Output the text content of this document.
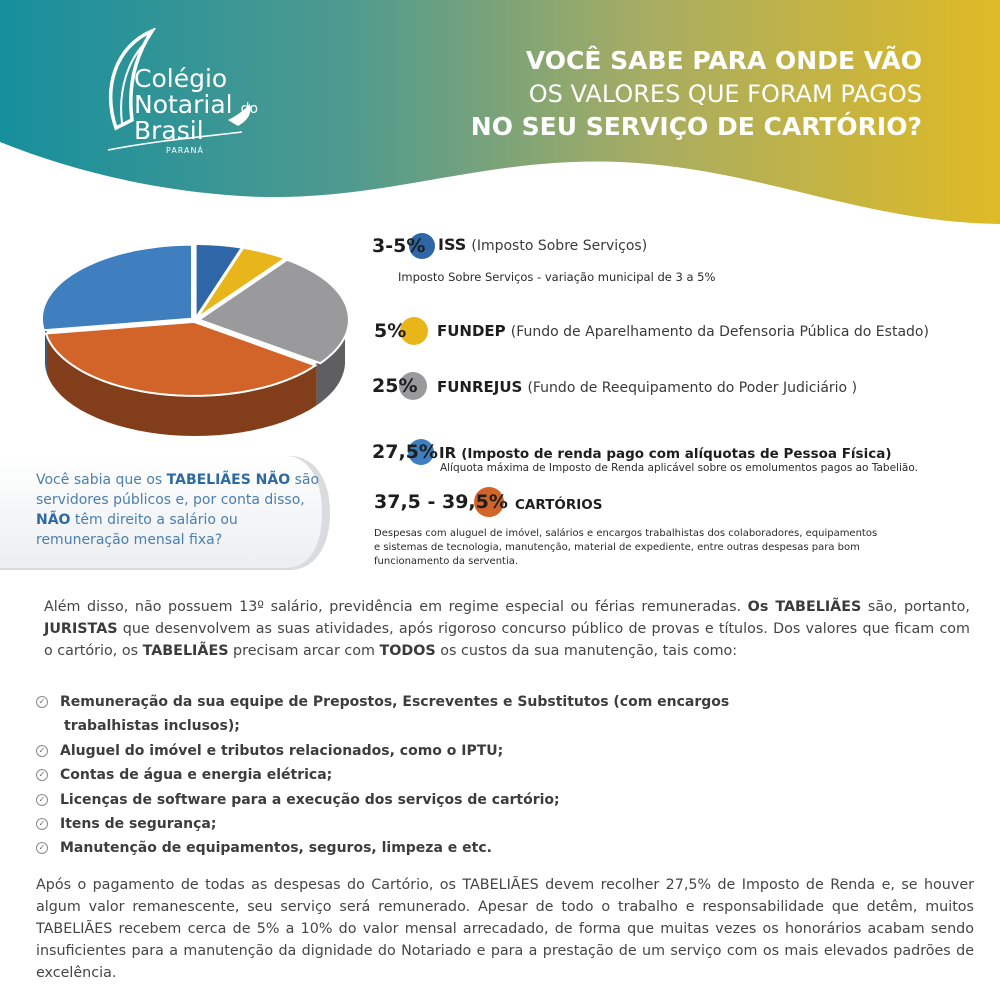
Colégio
Notarial do
Brasil
PARANÁ
VOCÊ SABE PARA ONDE VÃO
OS VALORES QUE FORAM PAGOS
NO SEU SERVIÇO DE CARTÓRIO?
3-5% ISS (Imposto Sobre Serviços)
Imposto Sobre Serviços - variação municipal de 3 a 5%
5% FUNDEP (Fundo de Aparelhamento da Defensoria Pública do Estado)
25% FUNREJUS (Fundo de Reequipamento do Poder Judiciário )
27,5% IR (Imposto de renda pago com alíquotas de Pessoa Física)
Alíquota máxima de Imposto de Renda aplicável sobre os emolumentos pagos ao Tabelião.
37,5 - 39,5% CARTÓRIOS
Despesas com aluguel de imóvel, salários e encargos trabalhistas dos colaboradores, equipamentos
e sistemas de tecnologia, manutenção, material de expediente, entre outras despesas para bom
funcionamento da serventia.
Você sabia que os TABELIÃES NÃO são servidores públicos e, por conta disso, NÃO têm direito a salário ou remuneração mensal fixa?

Além disso, não possuem 13º salário, previdência em regime especial ou férias remuneradas. Os TABELIÃES são, portanto, JURISTAS que desenvolvem as suas atividades, após rigoroso concurso público de provas e títulos. Dos valores que ficam com o cartório, os TABELIÃES precisam arcar com TODOS os custos da sua manutenção, tais como:

✓ Remuneração da sua equipe de Prepostos, Escreventes e Substitutos (com encargos
trabalhistas inclusos);
✓ Aluguel do imóvel e tributos relacionados, como o IPTU;
✓ Contas de água e energia elétrica;
✓ Licenças de software para a execução dos serviços de cartório;
✓ Itens de segurança;
✓ Manutenção de equipamentos, seguros, limpeza e etc.

Após o pagamento de todas as despesas do Cartório, os TABELIÃES devem recolher 27,5% de Imposto de Renda e, se houver algum valor remanescente, seu serviço será remunerado. Apesar de todo o trabalho e responsabilidade que detêm, muitos TABELIÃES recebem cerca de 5% a 10% do valor mensal arrecadado, de forma que muitas vezes os honorários acabam sendo insuficientes para a manutenção da dignidade do Notariado e para a prestação de um serviço com os mais elevados padrões de excelência.
